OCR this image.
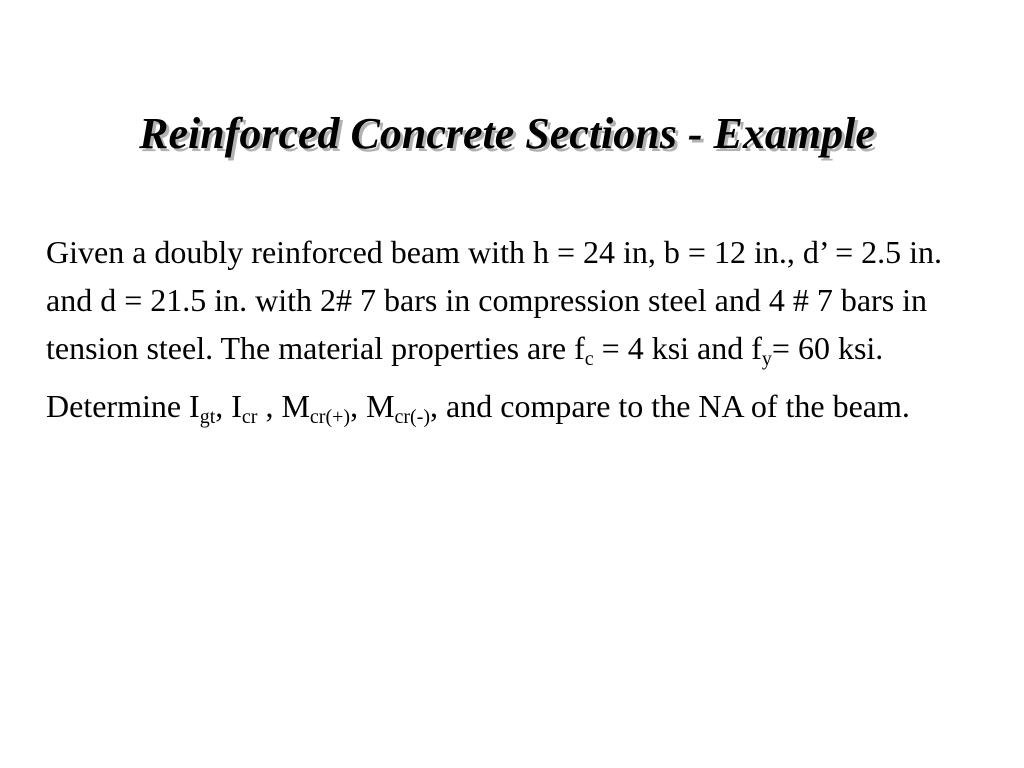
Reinforced Concrete Sections - Example

Given a doubly reinforced beam with h = 24 in, b = 12 in., d’ = 2.5 in. and d = 21.5 in. with 2# 7 bars in compression steel and 4 # 7 bars in tension steel. The material properties are $f_c = 4$ ksi and $f_y= 60$ ksi.

Determine $I_{gt}$, $I_{cr}$ , $M_{cr(+)}$, $M_{cr(-)}$, and compare to the NA of the beam.
